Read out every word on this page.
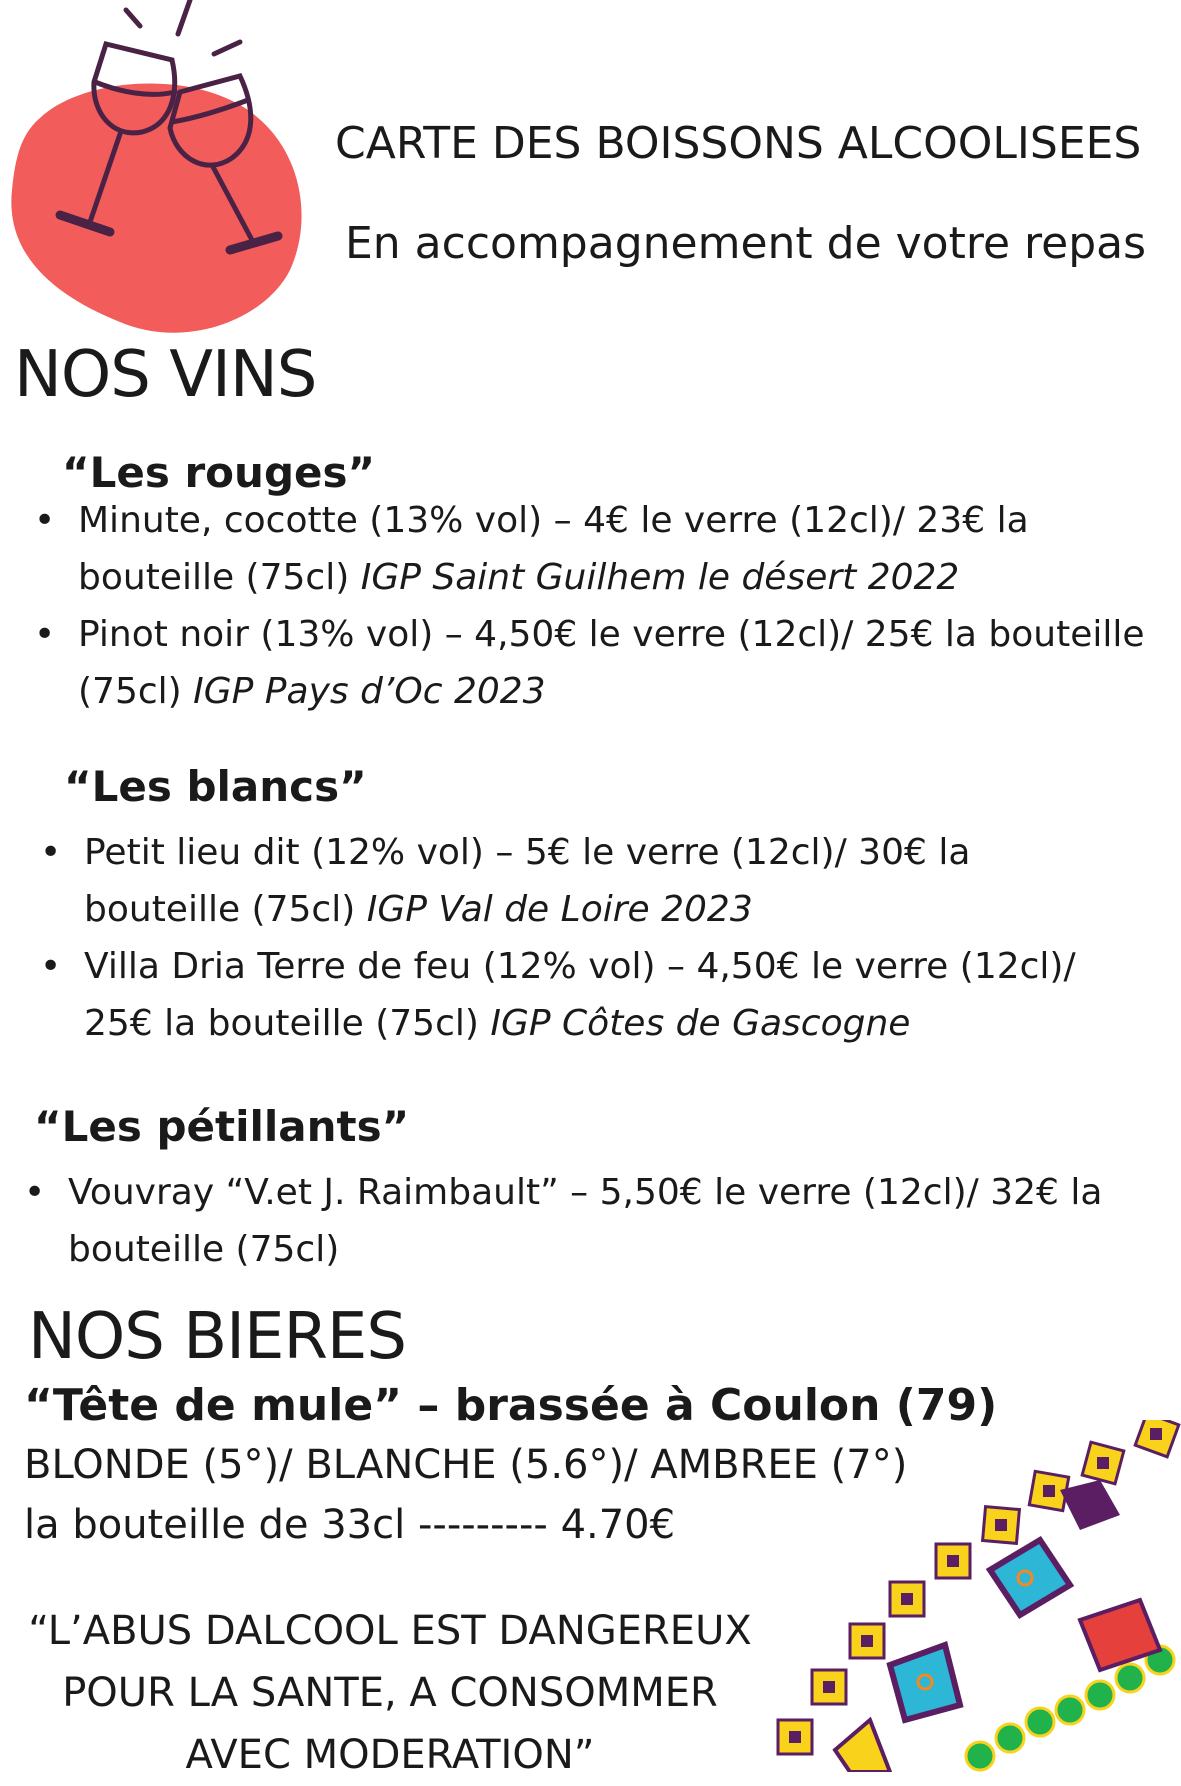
CARTE DES BOISSONS ALCOOLISEES
En accompagnement de votre repas
NOS VINS
“Les rouges”
• Minute, cocotte (13% vol) – 4€ le verre (12cl)/ 23€ la bouteille (75cl) IGP Saint Guilhem le désert 2022
• Pinot noir (13% vol) – 4,50€ le verre (12cl)/ 25€ la bouteille (75cl) IGP Pays d’Oc 2023
“Les blancs”
• Petit lieu dit (12% vol) – 5€ le verre (12cl)/ 30€ la bouteille (75cl) IGP Val de Loire 2023
• Villa Dria Terre de feu (12% vol) – 4,50€ le verre (12cl)/ 25€ la bouteille (75cl) IGP Côtes de Gascogne
“Les pétillants”
• Vouvray “V.et J. Raimbault” – 5,50€ le verre (12cl)/ 32€ la bouteille (75cl)
NOS BIERES
“Tête de mule” – brassée à Coulon (79)
BLONDE (5°)/ BLANCHE (5.6°)/ AMBREE (7°)
la bouteille de 33cl --------- 4.70€
“L’ABUS DALCOOL EST DANGEREUX
POUR LA SANTE, A CONSOMMER
AVEC MODERATION”
